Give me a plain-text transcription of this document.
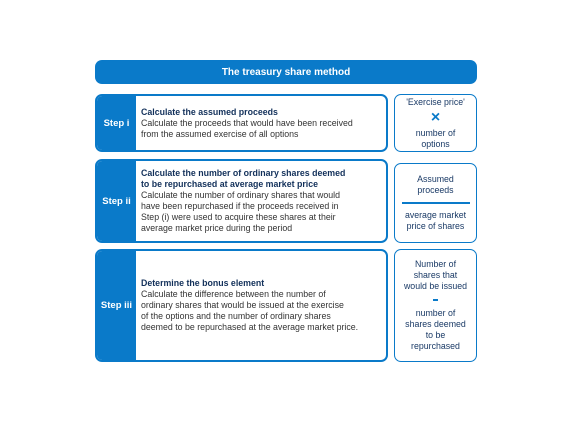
The treasury share method
Step i
Calculate the assumed proceeds
Calculate the proceeds that would have been received
from the assumed exercise of all options
'Exercise price'
×
number of
options
Step ii
Calculate the number of ordinary shares deemed
to be repurchased at average market price
Calculate the number of ordinary shares that would
have been repurchased if the proceeds received in
Step (i) were used to acquire these shares at their
average market price during the period
Assumed
proceeds
average market
price of shares
Step iii
Determine the bonus element
Calculate the difference between the number of
ordinary shares that would be issued at the exercise
of the options and the number of ordinary shares
deemed to be repurchased at the average market price.
Number of
shares that
would be issued
number of
shares deemed
to be
repurchased
